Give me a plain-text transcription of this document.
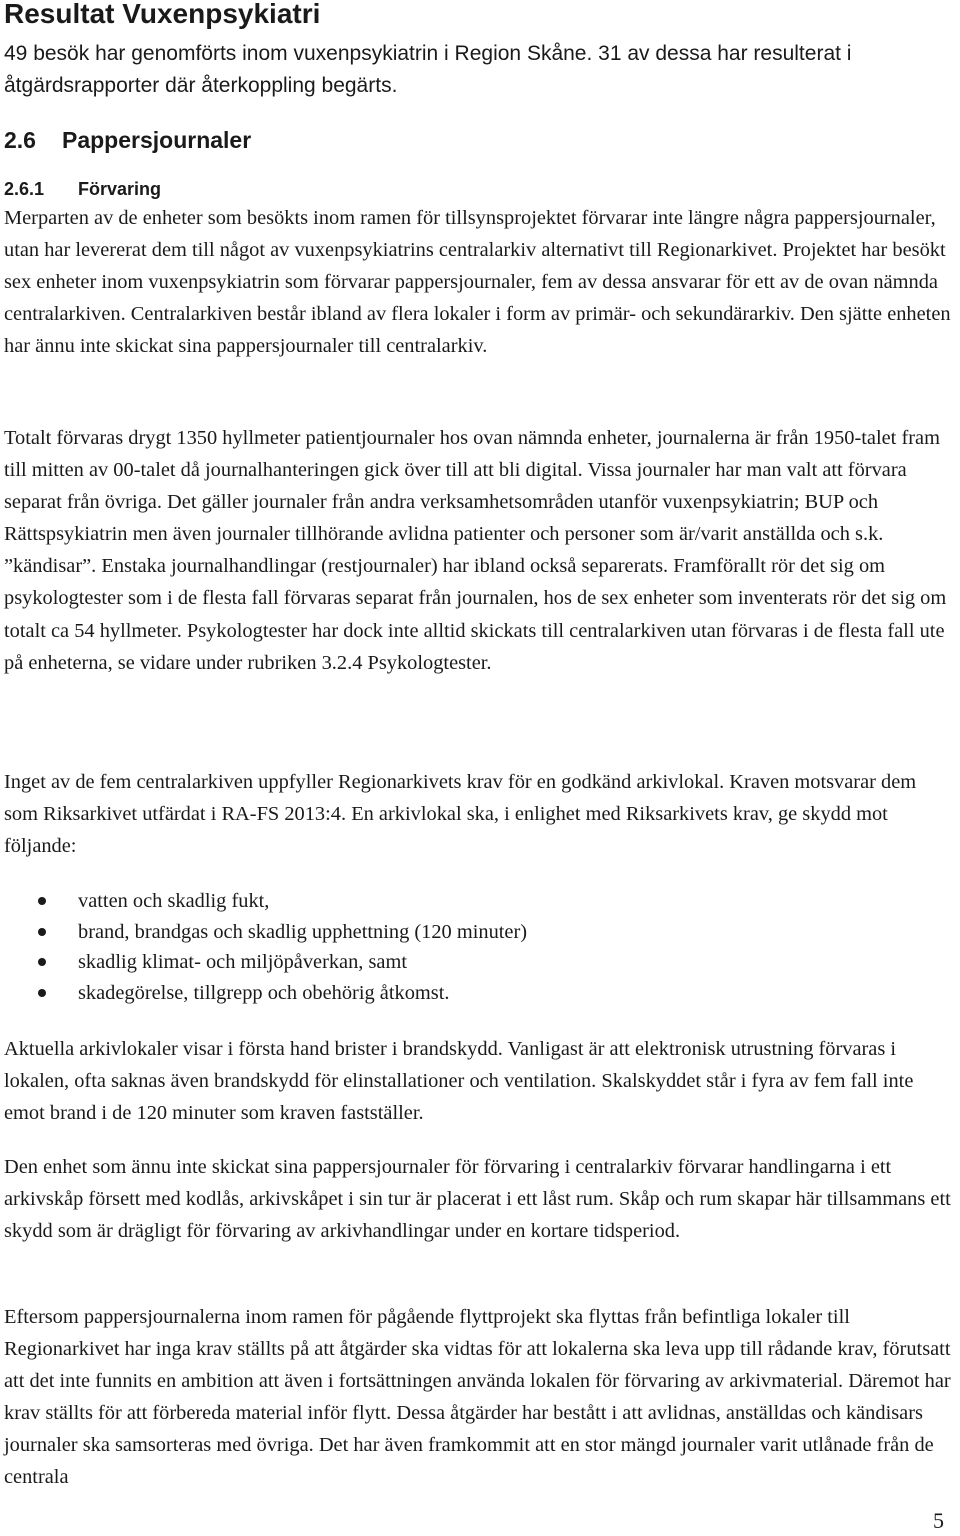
Resultat Vuxenpsykiatri

49 besök har genomförts inom vuxenpsykiatrin i Region Skåne. 31 av dessa har resulterat i åtgärdsrapporter där återkoppling begärts.

2.6 Pappersjournaler
2.6.1 Förvaring

Merparten av de enheter som besökts inom ramen för tillsynsprojektet förvarar inte längre några pappersjournaler, utan har levererat dem till något av vuxenpsykiatrins centralarkiv alternativt till Regionarkivet. Projektet har besökt sex enheter inom vuxenpsykiatrin som förvarar pappersjournaler, fem av dessa ansvarar för ett av de ovan nämnda centralarkiven. Centralarkiven består ibland av flera lokaler i form av primär- och sekundärarkiv. Den sjätte enheten har ännu inte skickat sina pappersjournaler till centralarkiv.

Totalt förvaras drygt 1350 hyllmeter patientjournaler hos ovan nämnda enheter, journalerna är från 1950-talet fram till mitten av 00-talet då journalhanteringen gick över till att bli digital. Vissa journaler har man valt att förvara separat från övriga. Det gäller journaler från andra verksamhetsområden utanför vuxenpsykiatrin; BUP och Rättspsykiatrin men även journaler tillhörande avlidna patienter och personer som är/varit anställda och s.k. ”kändisar”. Enstaka journalhandlingar (restjournaler) har ibland också separerats. Framförallt rör det sig om psykologtester som i de flesta fall förvaras separat från journalen, hos de sex enheter som inventerats rör det sig om totalt ca 54 hyllmeter. Psykologtester har dock inte alltid skickats till centralarkiven utan förvaras i de flesta fall ute på enheterna, se vidare under rubriken 3.2.4 Psykologtester.

Inget av de fem centralarkiven uppfyller Regionarkivets krav för en godkänd arkivlokal. Kraven motsvarar dem som Riksarkivet utfärdat i RA-FS 2013:4. En arkivlokal ska, i enlighet med Riksarkivets krav, ge skydd mot följande:

vatten och skadlig fukt,
brand, brandgas och skadlig upphettning (120 minuter)
skadlig klimat- och miljöpåverkan, samt
skadegörelse, tillgrepp och obehörig åtkomst.

Aktuella arkivlokaler visar i första hand brister i brandskydd. Vanligast är att elektronisk utrustning förvaras i lokalen, ofta saknas även brandskydd för elinstallationer och ventilation. Skalskyddet står i fyra av fem fall inte emot brand i de 120 minuter som kraven fastställer.

Den enhet som ännu inte skickat sina pappersjournaler för förvaring i centralarkiv förvarar handlingarna i ett arkivskåp försett med kodlås, arkivskåpet i sin tur är placerat i ett låst rum. Skåp och rum skapar här tillsammans ett skydd som är drägligt för förvaring av arkivhandlingar under en kortare tidsperiod.

Eftersom pappersjournalerna inom ramen för pågående flyttprojekt ska flyttas från befintliga lokaler till Regionarkivet har inga krav ställts på att åtgärder ska vidtas för att lokalerna ska leva upp till rådande krav, förutsatt att det inte funnits en ambition att även i fortsättningen använda lokalen för förvaring av arkivmaterial. Däremot har krav ställts för att förbereda material inför flytt. Dessa åtgärder har bestått i att avlidnas, anställdas och kändisars journaler ska samsorteras med övriga. Det har även framkommit att en stor mängd journaler varit utlånade från de centrala

5
